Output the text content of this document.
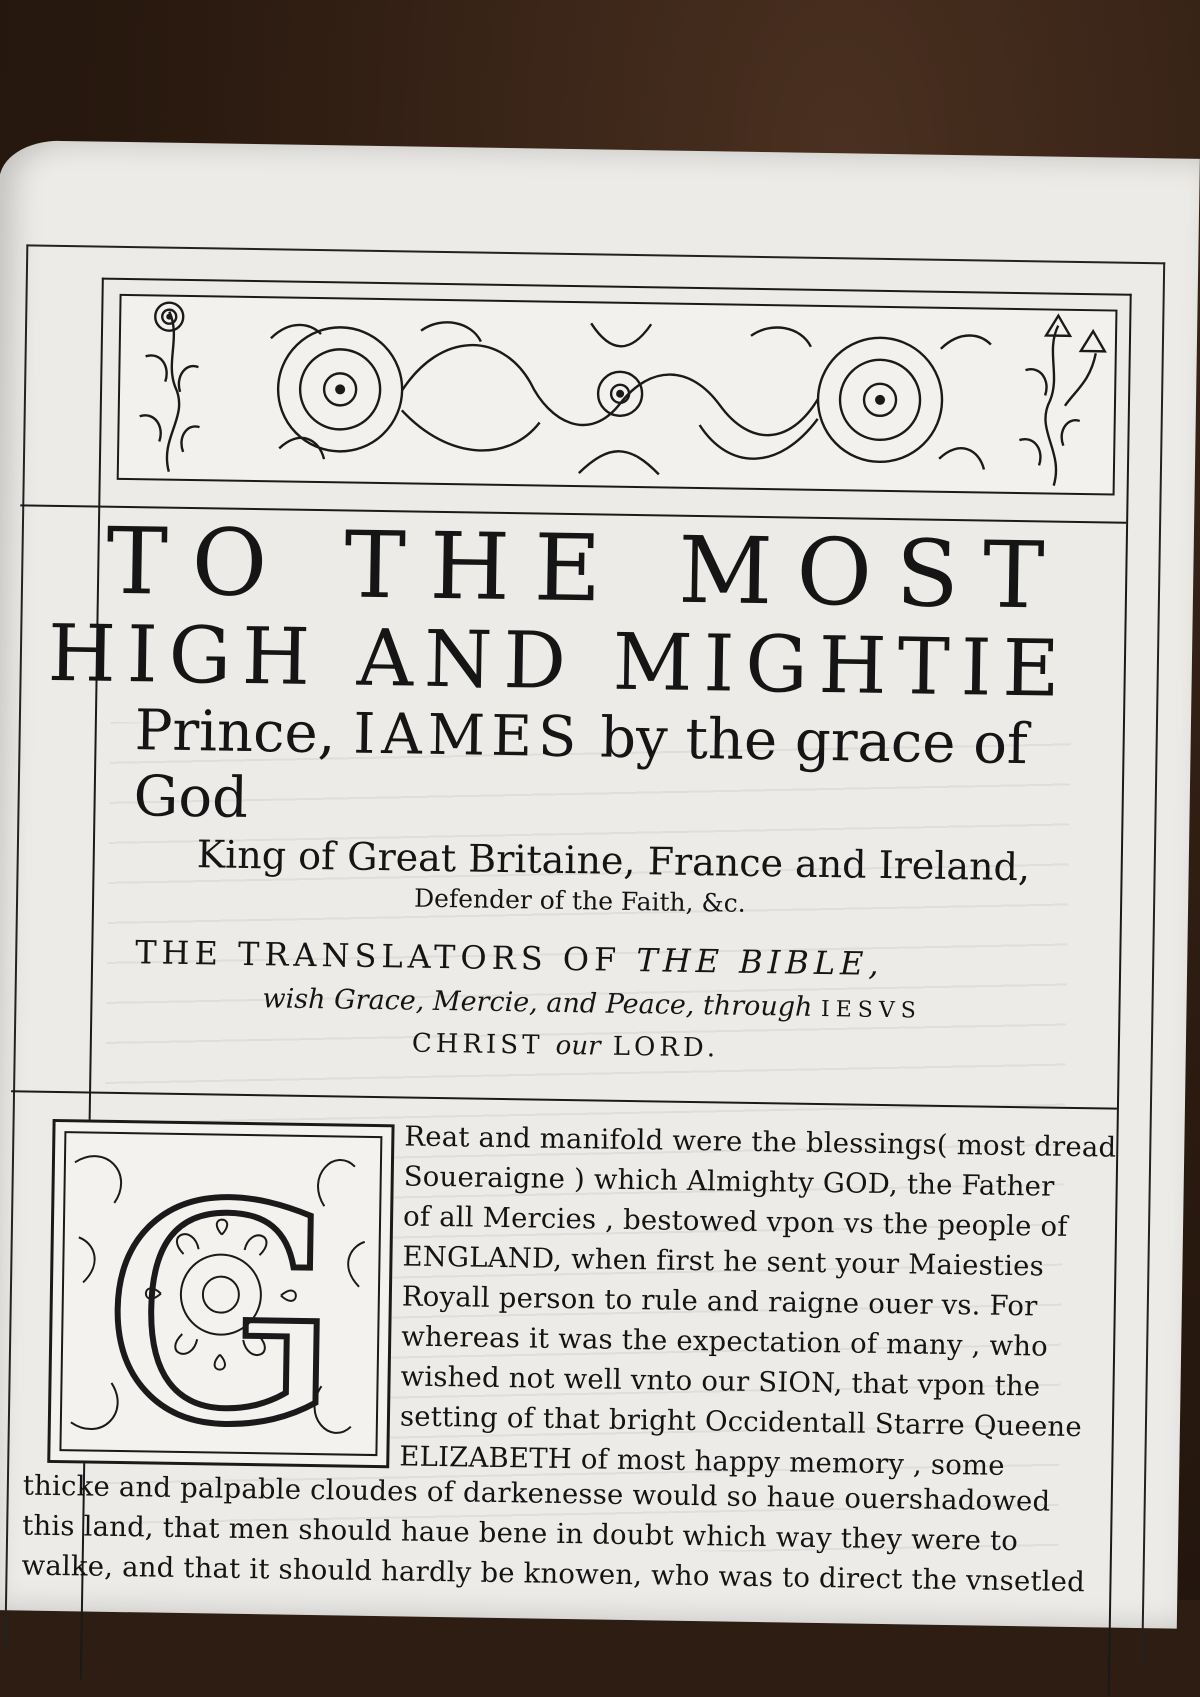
TO THE MOST
HIGH AND MIGHTIE
Prince, IAMES by the grace of God
King of Great Britaine, France and Ireland,
Defender of the Faith, &c.
THE TRANSLATORS OF THE BIBLE,
wish Grace, Mercie, and Peace, through IESVS
CHRIST our LORD.
G Reat and manifold were the blessings( most dread
Soueraigne ) which Almighty GOD, the Father
of all Mercies , bestowed vpon vs the people of
ENGLAND, when first he sent your Maiesties
Royall person to rule and raigne ouer vs. For
whereas it was the expectation of many , who
wished not well vnto our SION, that vpon the
setting of that bright Occidentall Starre Queene
ELIZABETH of most happy memory , some
thicke and palpable cloudes of darkenesse would so haue ouershadowed
this land, that men should haue bene in doubt which way they were to
walke, and that it should hardly be knowen, who was to direct the vnsetled
